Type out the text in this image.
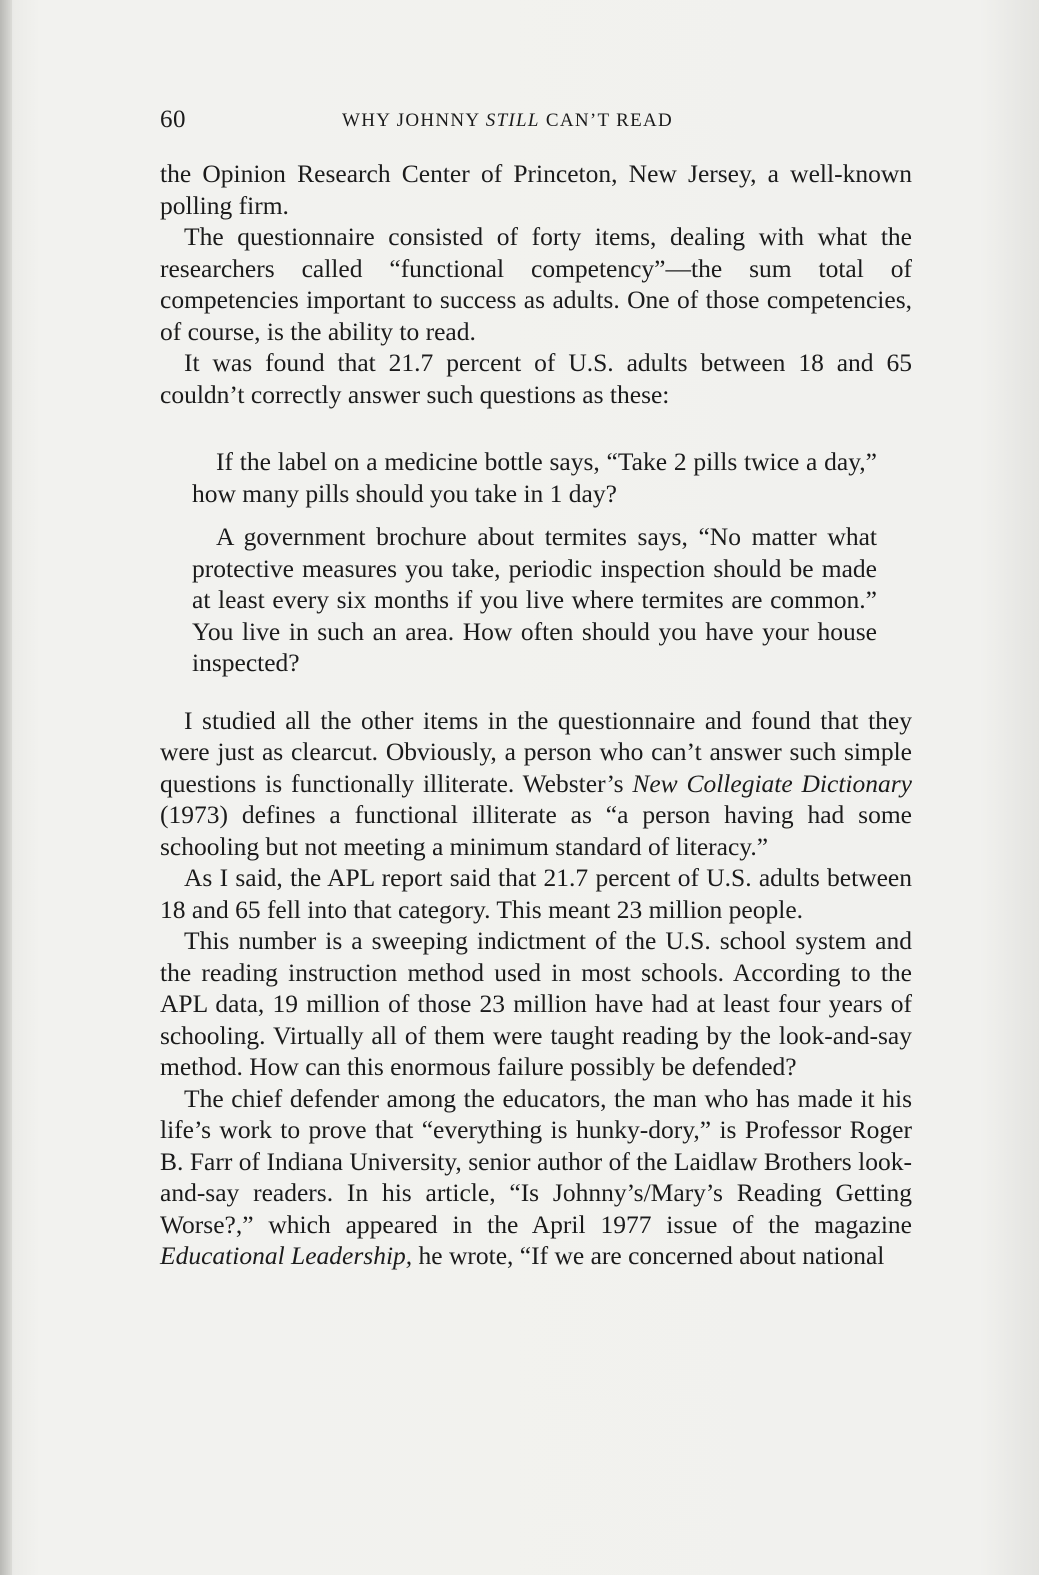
60	WHY JOHNNY STILL CAN’T READ

the Opinion Research Center of Princeton, New Jersey, a well-known polling firm.

The questionnaire consisted of forty items, dealing with what the researchers called “functional competency”—the sum total of competencies important to success as adults. One of those competencies, of course, is the ability to read.

It was found that 21.7 percent of U.S. adults between 18 and 65 couldn’t correctly answer such questions as these:

If the label on a medicine bottle says, “Take 2 pills twice a day,” how many pills should you take in 1 day?

A government brochure about termites says, “No matter what protective measures you take, periodic inspection should be made at least every six months if you live where termites are common.” You live in such an area. How often should you have your house inspected?

I studied all the other items in the questionnaire and found that they were just as clearcut. Obviously, a person who can’t answer such simple questions is functionally illiterate. Webster’s New Collegiate Dictionary (1973) defines a functional illiterate as “a person having had some schooling but not meeting a minimum standard of literacy.”

As I said, the APL report said that 21.7 percent of U.S. adults between 18 and 65 fell into that category. This meant 23 million people.

This number is a sweeping indictment of the U.S. school system and the reading instruction method used in most schools. According to the APL data, 19 million of those 23 million have had at least four years of schooling. Virtually all of them were taught reading by the look-and-say method. How can this enormous failure possibly be defended?

The chief defender among the educators, the man who has made it his life’s work to prove that “everything is hunky-dory,” is Professor Roger B. Farr of Indiana University, senior author of the Laidlaw Brothers look-and-say readers. In his article, “Is Johnny’s/Mary’s Reading Getting Worse?,” which appeared in the April 1977 issue of the magazine Educational Leadership, he wrote, “If we are concerned about national
